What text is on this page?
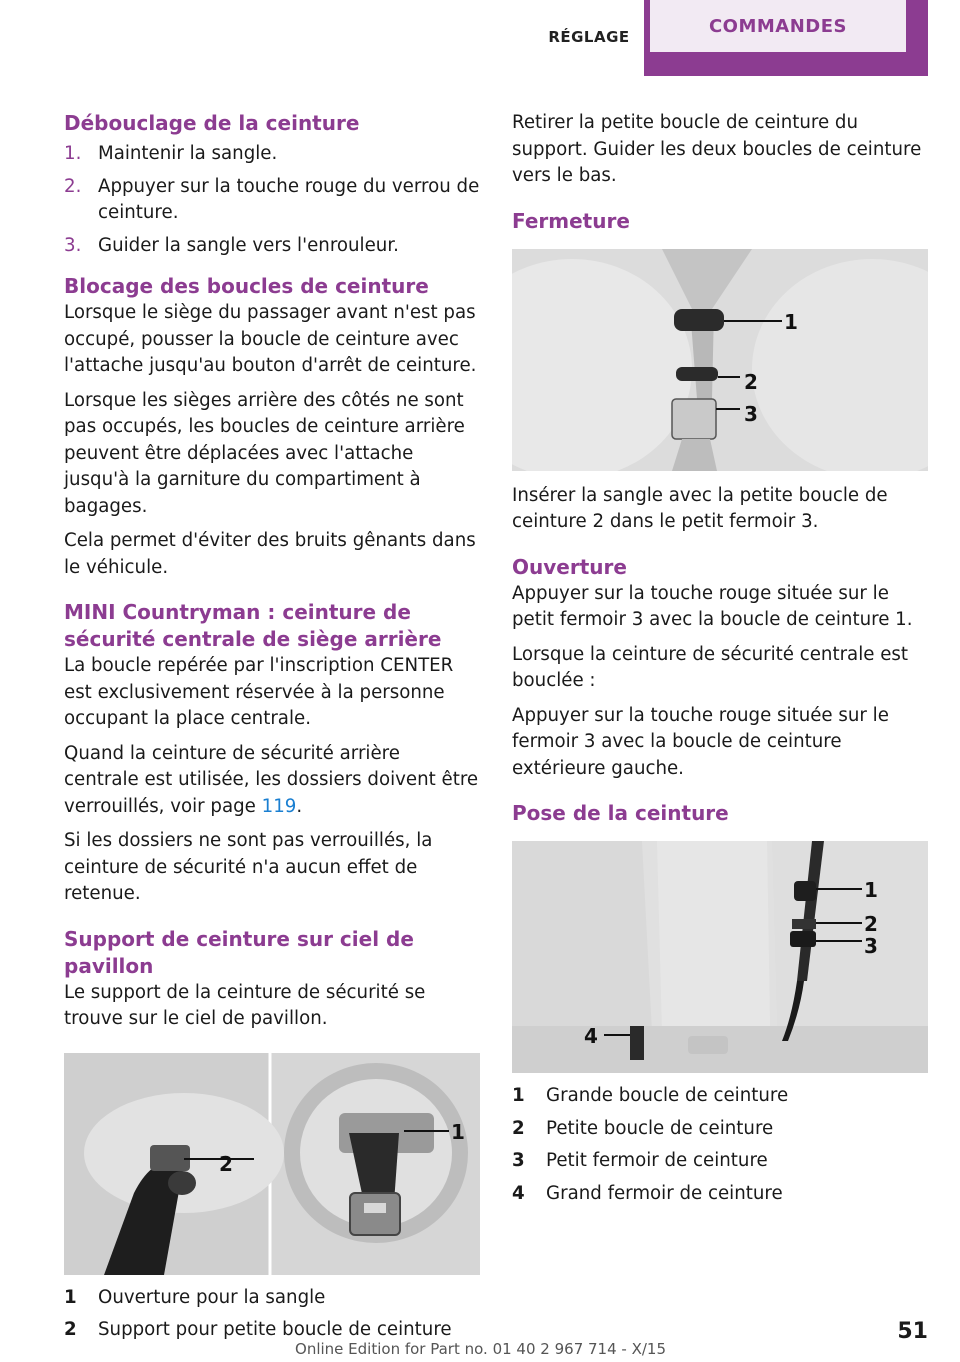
RÉGLAGE
COMMANDES
Débouclage de la ceinture
1. Maintenir la sangle.
2. Appuyer sur la touche rouge du verrou de ceinture.
3. Guider la sangle vers l'enrouleur.
Blocage des boucles de ceinture

Lorsque le siège du passager avant n'est pas occupé, pousser la boucle de ceinture avec l'attache jusqu'au bouton d'arrêt de ceinture.

Lorsque les sièges arrière des côtés ne sont pas occupés, les boucles de ceinture arrière peuvent être déplacées avec l'attache jusqu'à la garniture du compartiment à bagages.

Cela permet d'éviter des bruits gênants dans le véhicule.

MINI Countryman : ceinture de sécurité centrale de siège arrière

La boucle repérée par l'inscription CENTER est exclusivement réservée à la personne occupant la place centrale.

Quand la ceinture de sécurité arrière centrale est utilisée, les dossiers doivent être verrouillés, voir page 119.

Si les dossiers ne sont pas verrouillés, la ceinture de sécurité n'a aucun effet de retenue.

Support de ceinture sur ciel de pavillon

Le support de la ceinture de sécurité se trouve sur le ciel de pavillon.

2
1
1	Ouverture pour la sangle
2	Support pour petite boucle de ceinture

Retirer la petite boucle de ceinture du support. Guider les deux boucles de ceinture vers le bas.

Fermeture
1
2
3

Insérer la sangle avec la petite boucle de ceinture 2 dans le petit fermoir 3.

Ouverture

Appuyer sur la touche rouge située sur le petit fermoir 3 avec la boucle de ceinture 1.

Lorsque la ceinture de sécurité centrale est bouclée :

Appuyer sur la touche rouge située sur le fermoir 3 avec la boucle de ceinture extérieure gauche.

Pose de la ceinture
1
2
3
4
1	Grande boucle de ceinture
2	Petite boucle de ceinture
3	Petit fermoir de ceinture
4	Grand fermoir de ceinture
Online Edition for Part no. 01 40 2 967 714 - X/15
51
